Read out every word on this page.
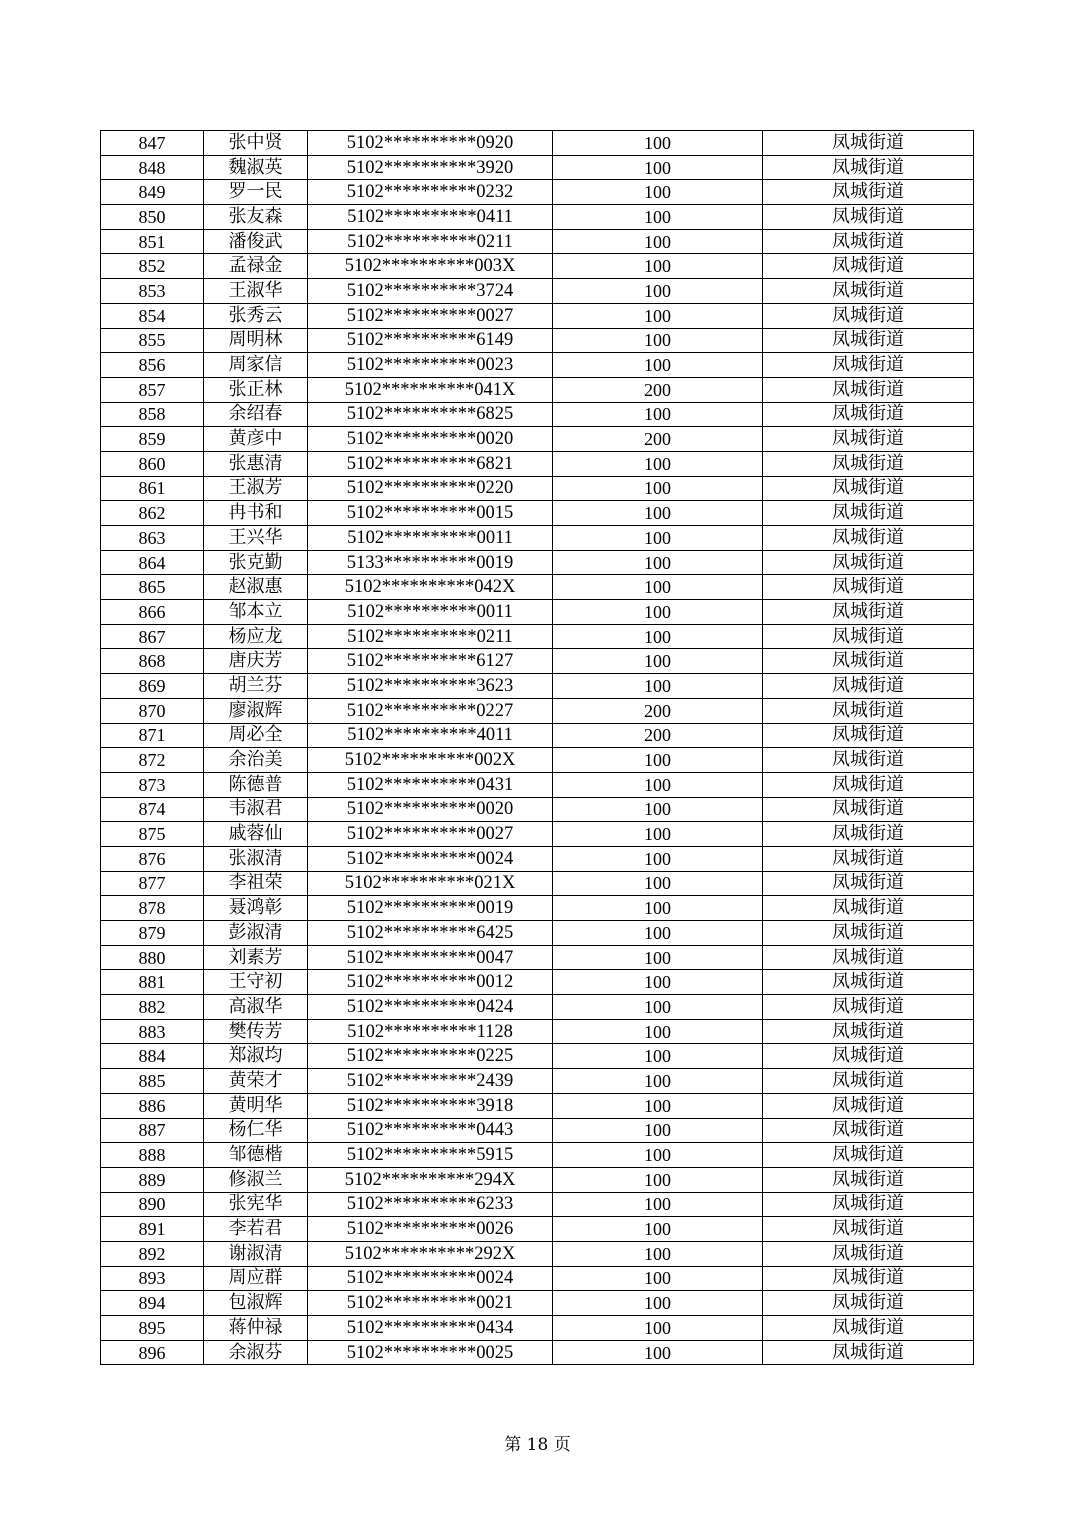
847	张中贤	5102**********0920	100	凤城街道
848	魏淑英	5102**********3920	100	凤城街道
849	罗一民	5102**********0232	100	凤城街道
850	张友森	5102**********0411	100	凤城街道
851	潘俊武	5102**********0211	100	凤城街道
852	孟禄金	5102**********003X	100	凤城街道
853	王淑华	5102**********3724	100	凤城街道
854	张秀云	5102**********0027	100	凤城街道
855	周明林	5102**********6149	100	凤城街道
856	周家信	5102**********0023	100	凤城街道
857	张正林	5102**********041X	200	凤城街道
858	余绍春	5102**********6825	100	凤城街道
859	黄彦中	5102**********0020	200	凤城街道
860	张惠清	5102**********6821	100	凤城街道
861	王淑芳	5102**********0220	100	凤城街道
862	冉书和	5102**********0015	100	凤城街道
863	王兴华	5102**********0011	100	凤城街道
864	张克勤	5133**********0019	100	凤城街道
865	赵淑惠	5102**********042X	100	凤城街道
866	邹本立	5102**********0011	100	凤城街道
867	杨应龙	5102**********0211	100	凤城街道
868	唐庆芳	5102**********6127	100	凤城街道
869	胡兰芬	5102**********3623	100	凤城街道
870	廖淑辉	5102**********0227	200	凤城街道
871	周必全	5102**********4011	200	凤城街道
872	余治美	5102**********002X	100	凤城街道
873	陈德普	5102**********0431	100	凤城街道
874	韦淑君	5102**********0020	100	凤城街道
875	戚蓉仙	5102**********0027	100	凤城街道
876	张淑清	5102**********0024	100	凤城街道
877	李祖荣	5102**********021X	100	凤城街道
878	聂鸿彰	5102**********0019	100	凤城街道
879	彭淑清	5102**********6425	100	凤城街道
880	刘素芳	5102**********0047	100	凤城街道
881	王守初	5102**********0012	100	凤城街道
882	高淑华	5102**********0424	100	凤城街道
883	樊传芳	5102**********1128	100	凤城街道
884	郑淑均	5102**********0225	100	凤城街道
885	黄荣才	5102**********2439	100	凤城街道
886	黄明华	5102**********3918	100	凤城街道
887	杨仁华	5102**********0443	100	凤城街道
888	邹德楷	5102**********5915	100	凤城街道
889	修淑兰	5102**********294X	100	凤城街道
890	张宪华	5102**********6233	100	凤城街道
891	李若君	5102**********0026	100	凤城街道
892	谢淑清	5102**********292X	100	凤城街道
893	周应群	5102**********0024	100	凤城街道
894	包淑辉	5102**********0021	100	凤城街道
895	蒋仲禄	5102**********0434	100	凤城街道
896	余淑芬	5102**********0025	100	凤城街道
第 18 页
